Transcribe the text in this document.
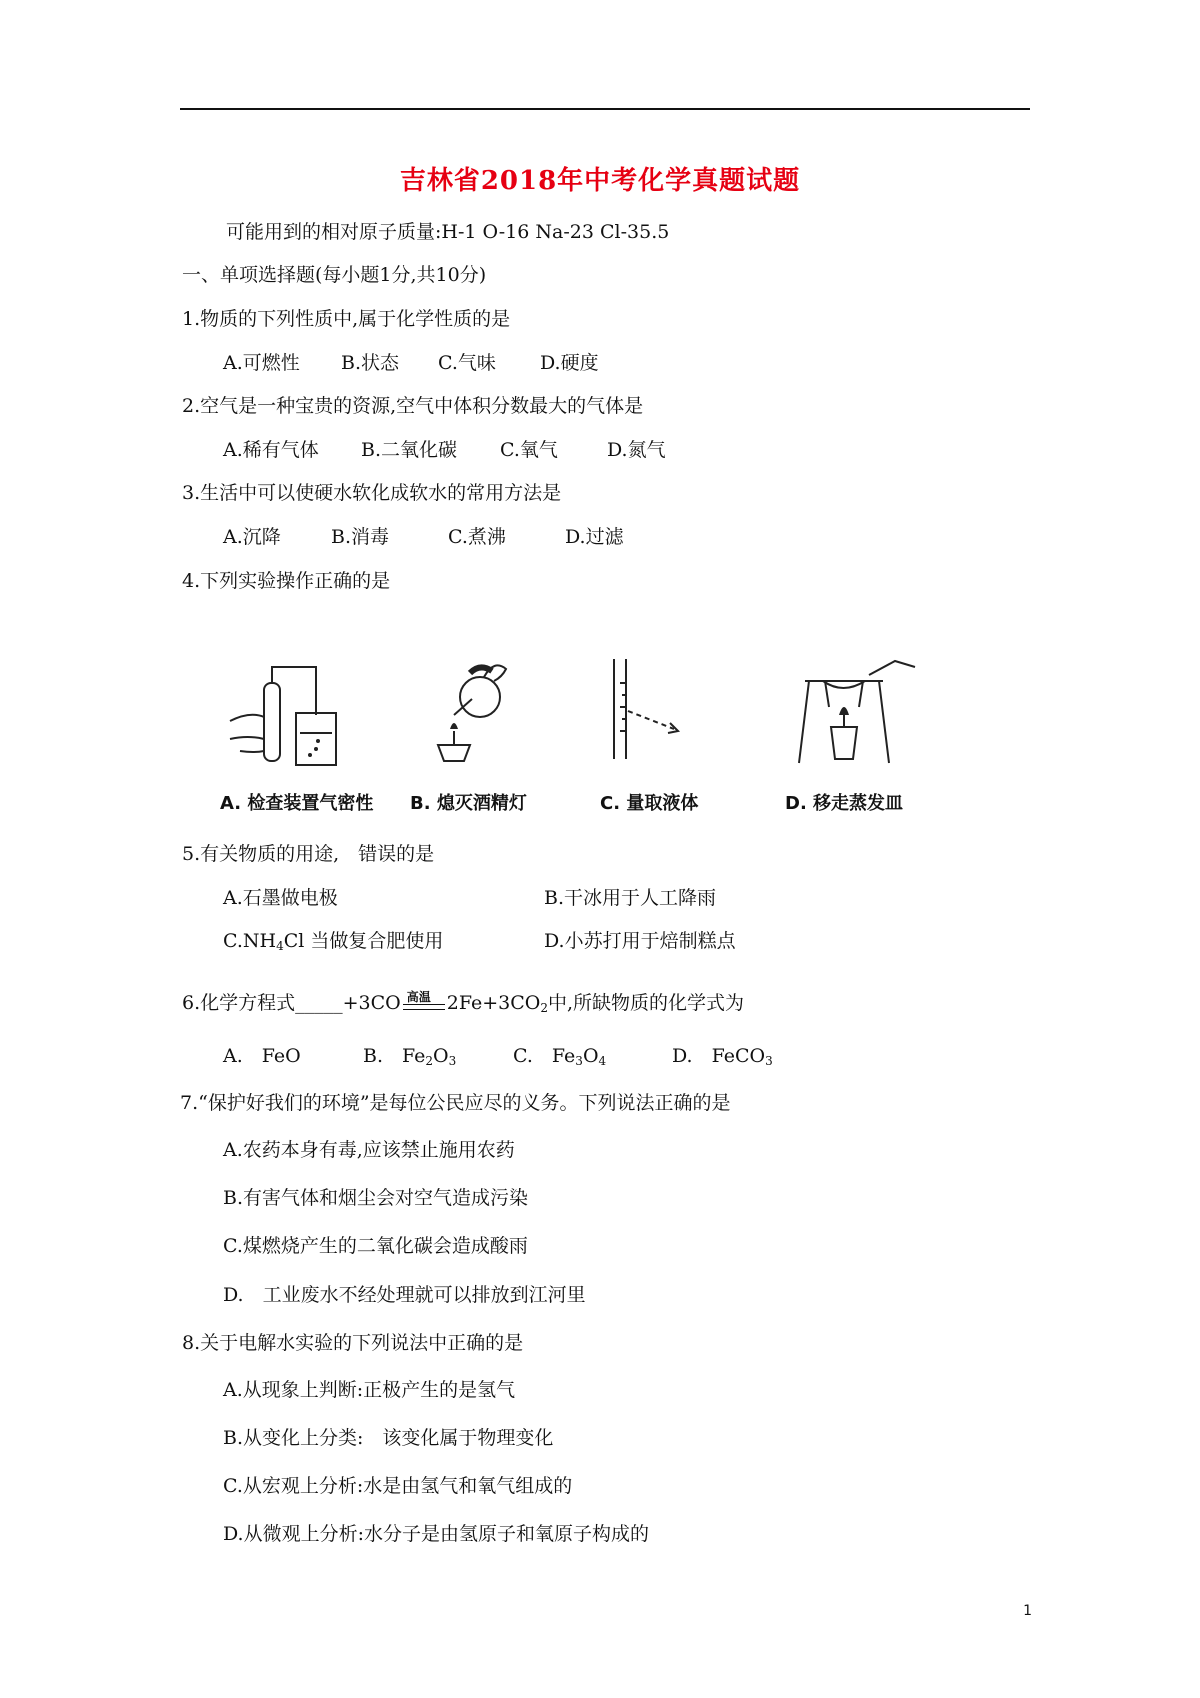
吉林省2018年中考化学真题试题
可能用到的相对原子质量:H-1 O-16 Na-23 Cl-35.5
一、单项选择题(每小题1分,共10分)
1.物质的下列性质中,属于化学性质的是
A.可燃性 B.状态 C.气味 D.硬度
2.空气是一种宝贵的资源,空气中体积分数最大的气体是
A.稀有气体 B.二氧化碳 C.氧气	D.氮气
3.生活中可以使硬水软化成软水的常用方法是
A.沉降	B.消毒	C.煮沸	D.过滤
4.下列实验操作正确的是
A. 检查装置气密性	B. 熄灭酒精灯	C. 量取液体	D. 移走蒸发皿
5.有关物质的用途,　错误的是
A.石墨做电极	B.干冰用于人工降雨
$C.NH_4Cl$ 当做复合肥使用	D.小苏打用于焙制糕点
6.化学方程式_____+3CO 高温 $2Fe+3CO_2$中,所缺物质的化学式为
A.　FeO	B.　Fe2O3	C.　Fe3O4	D.　FeCO3
7.“保护好我们的环境”是每位公民应尽的义务。下列说法正确的是
A.农药本身有毒,应该禁止施用农药
B.有害气体和烟尘会对空气造成污染
C.煤燃烧产生的二氧化碳会造成酸雨
D.　工业废水不经处理就可以排放到江河里
8.关于电解水实验的下列说法中正确的是
A.从现象上判断:正极产生的是氢气
B.从变化上分类:　该变化属于物理变化
C.从宏观上分析:水是由氢气和氧气组成的
D.从微观上分析:水分子是由氢原子和氧原子构成的
1
